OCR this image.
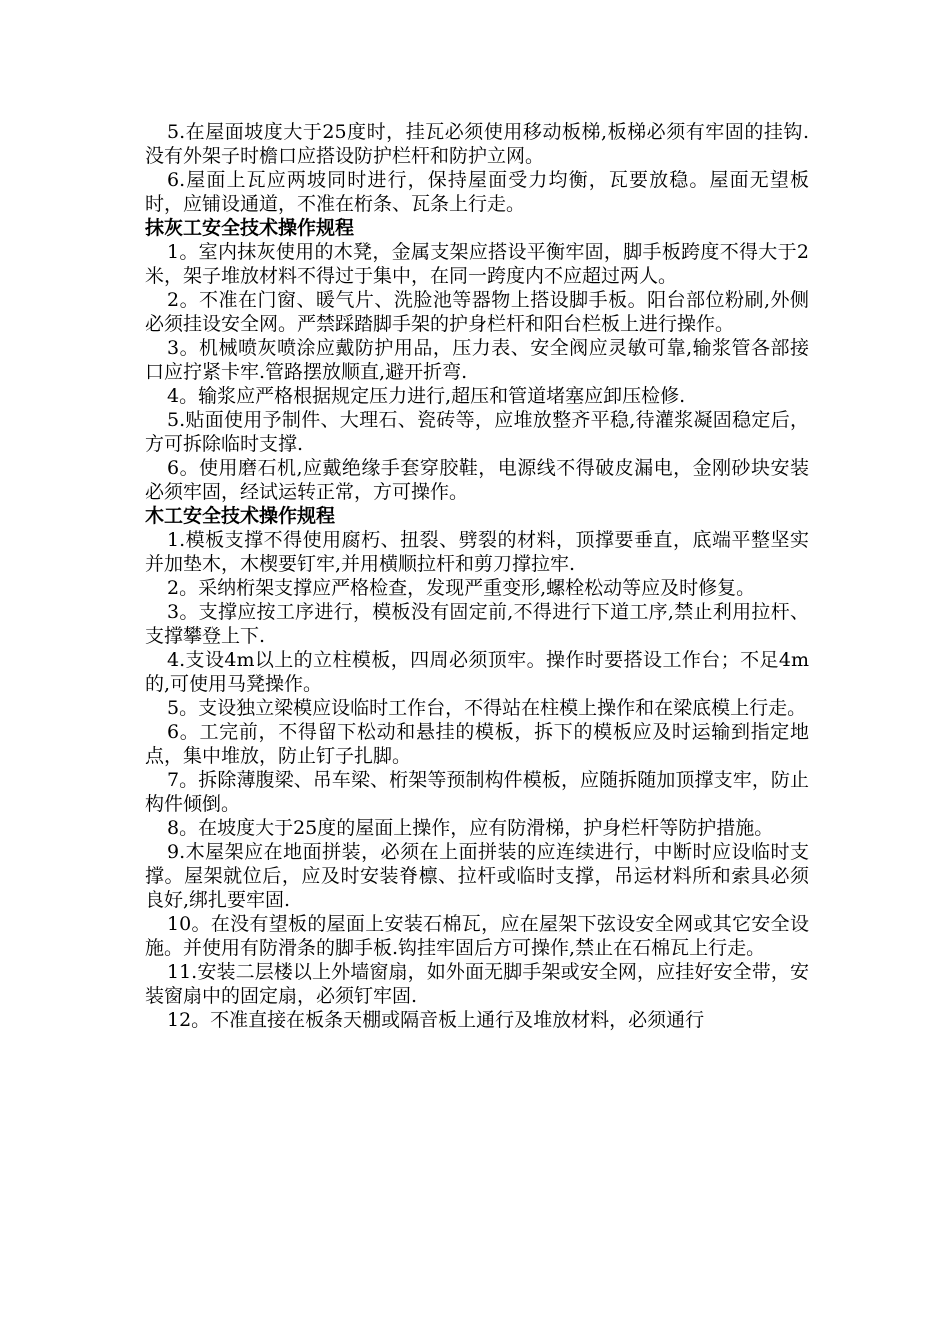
5.在屋面坡度大于25度时，挂瓦必须使用移动板梯,板梯必须有牢固的挂钩.没有外架子时檐口应搭设防护栏杆和防护立网。

6.屋面上瓦应两坡同时进行，保持屋面受力均衡，瓦要放稳。屋面无望板时，应铺设通道，不准在桁条、瓦条上行走。

抹灰工安全技术操作规程

1。室内抹灰使用的木凳，金属支架应搭设平衡牢固，脚手板跨度不得大于2米，架子堆放材料不得过于集中，在同一跨度内不应超过两人。

2。不准在门窗、暖气片、洗脸池等器物上搭设脚手板。阳台部位粉刷,外侧必须挂设安全网。严禁踩踏脚手架的护身栏杆和阳台栏板上进行操作。

3。机械喷灰喷涂应戴防护用品，压力表、安全阀应灵敏可靠,输浆管各部接口应拧紧卡牢.管路摆放顺直,避开折弯.

4。输浆应严格根据规定压力进行,超压和管道堵塞应卸压检修.

5.贴面使用予制件、大理石、瓷砖等，应堆放整齐平稳,待灌浆凝固稳定后，方可拆除临时支撑.

6。使用磨石机,应戴绝缘手套穿胶鞋，电源线不得破皮漏电，金刚砂块安装必须牢固，经试运转正常，方可操作。

木工安全技术操作规程

1.模板支撑不得使用腐朽、扭裂、劈裂的材料，顶撑要垂直，底端平整坚实并加垫木，木楔要钉牢,并用横顺拉杆和剪刀撑拉牢.

2。采纳桁架支撑应严格检查，发现严重变形,螺栓松动等应及时修复。

3。支撑应按工序进行，模板没有固定前,不得进行下道工序,禁止利用拉杆、支撑攀登上下.

4.支设4m以上的立柱模板，四周必须顶牢。操作时要搭设工作台；不足4m的,可使用马凳操作。

5。支设独立梁模应设临时工作台，不得站在柱模上操作和在梁底模上行走。

6。工完前，不得留下松动和悬挂的模板，拆下的模板应及时运输到指定地点，集中堆放，防止钉子扎脚。

7。拆除薄腹梁、吊车梁、桁架等预制构件模板，应随拆随加顶撑支牢，防止构件倾倒。

8。在坡度大于25度的屋面上操作，应有防滑梯，护身栏杆等防护措施。

9.木屋架应在地面拼装，必须在上面拼装的应连续进行，中断时应设临时支撑。屋架就位后，应及时安装脊檩、拉杆或临时支撑，吊运材料所和索具必须良好,绑扎要牢固.

10。在没有望板的屋面上安装石棉瓦，应在屋架下弦设安全网或其它安全设施。并使用有防滑条的脚手板.钩挂牢固后方可操作,禁止在石棉瓦上行走。

11.安装二层楼以上外墙窗扇，如外面无脚手架或安全网，应挂好安全带，安装窗扇中的固定扇，必须钉牢固.

12。不准直接在板条天棚或隔音板上通行及堆放材料，必须通行
